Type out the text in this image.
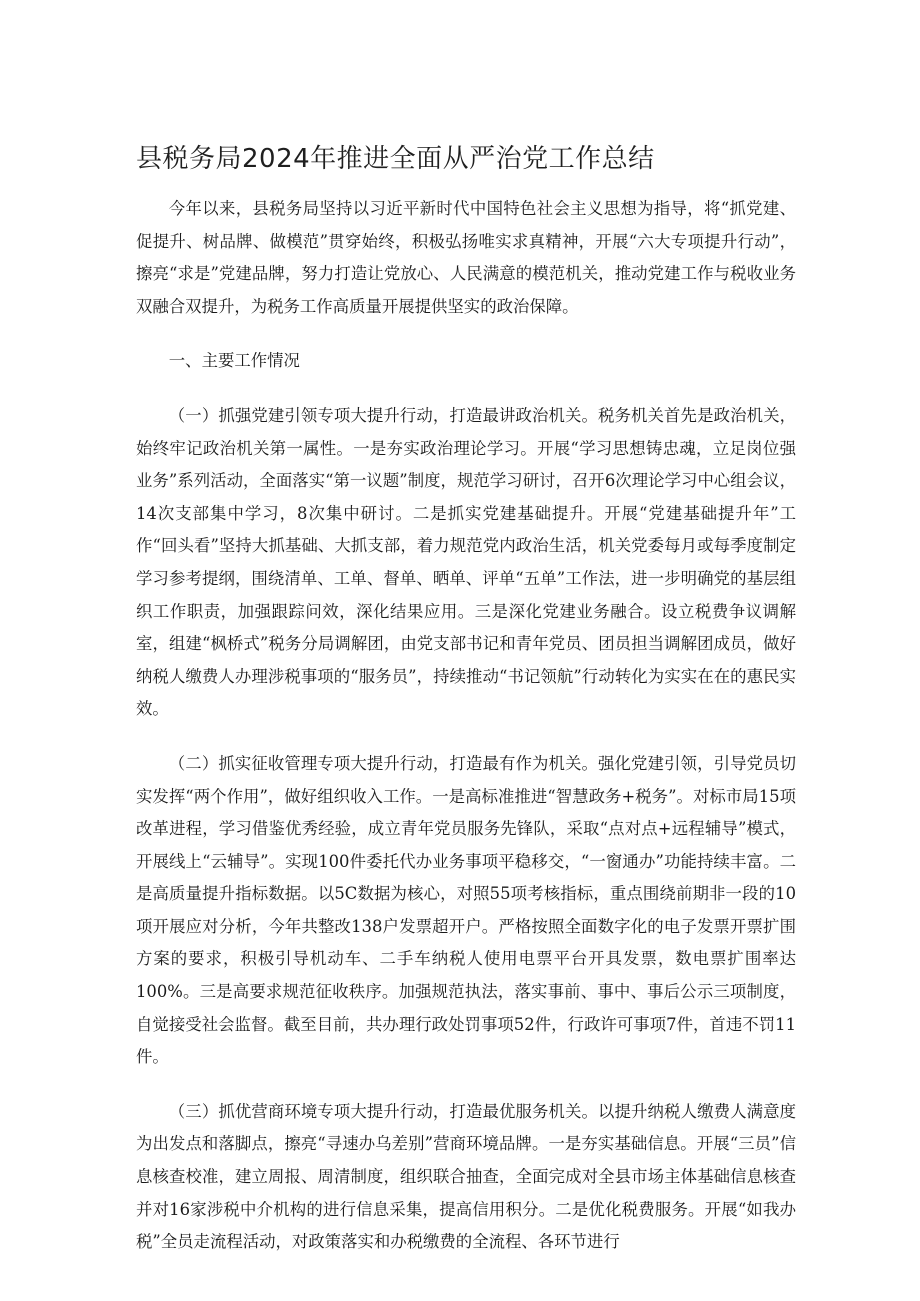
县税务局2024年推进全面从严治党工作总结

今年以来，县税务局坚持以习近平新时代中国特色社会主义思想为指导，将“抓党建、促提升、树品牌、做模范”贯穿始终，积极弘扬唯实求真精神，开展“六大专项提升行动”，擦亮“求是”党建品牌，努力打造让党放心、人民满意的模范机关，推动党建工作与税收业务双融合双提升，为税务工作高质量开展提供坚实的政治保障。

一、主要工作情况

（一）抓强党建引领专项大提升行动，打造最讲政治机关。税务机关首先是政治机关，始终牢记政治机关第一属性。一是夯实政治理论学习。开展“学习思想铸忠魂，立足岗位强业务”系列活动，全面落实“第一议题”制度，规范学习研讨，召开6次理论学习中心组会议，14次支部集中学习，8次集中研讨。二是抓实党建基础提升。开展“党建基础提升年”工作“回头看”坚持大抓基础、大抓支部，着力规范党内政治生活，机关党委每月或每季度制定学习参考提纲，围绕清单、工单、督单、晒单、评单“五单”工作法，进一步明确党的基层组织工作职责，加强跟踪问效，深化结果应用。三是深化党建业务融合。设立税费争议调解室，组建“枫桥式”税务分局调解团，由党支部书记和青年党员、团员担当调解团成员，做好纳税人缴费人办理涉税事项的“服务员”，持续推动“书记领航”行动转化为实实在在的惠民实效。

（二）抓实征收管理专项大提升行动，打造最有作为机关。强化党建引领，引导党员切实发挥“两个作用”，做好组织收入工作。一是高标准推进“智慧政务+税务”。对标市局15项改革进程，学习借鉴优秀经验，成立青年党员服务先锋队，采取“点对点+远程辅导”模式，开展线上“云辅导”。实现100件委托代办业务事项平稳移交，“一窗通办”功能持续丰富。二是高质量提升指标数据。以5C数据为核心，对照55项考核指标，重点围绕前期非一段的10项开展应对分析，今年共整改138户发票超开户。严格按照全面数字化的电子发票开票扩围方案的要求，积极引导机动车、二手车纳税人使用电票平台开具发票，数电票扩围率达100%。三是高要求规范征收秩序。加强规范执法，落实事前、事中、事后公示三项制度，自觉接受社会监督。截至目前，共办理行政处罚事项52件，行政许可事项7件，首违不罚11件。

（三）抓优营商环境专项大提升行动，打造最优服务机关。以提升纳税人缴费人满意度为出发点和落脚点，擦亮“寻速办乌差别”营商环境品牌。一是夯实基础信息。开展“三员”信息核查校准，建立周报、周清制度，组织联合抽查，全面完成对全县市场主体基础信息核查并对16家涉税中介机构的进行信息采集，提高信用积分。二是优化税费服务。开展“如我办税”全员走流程活动，对政策落实和办税缴费的全流程、各环节进行
